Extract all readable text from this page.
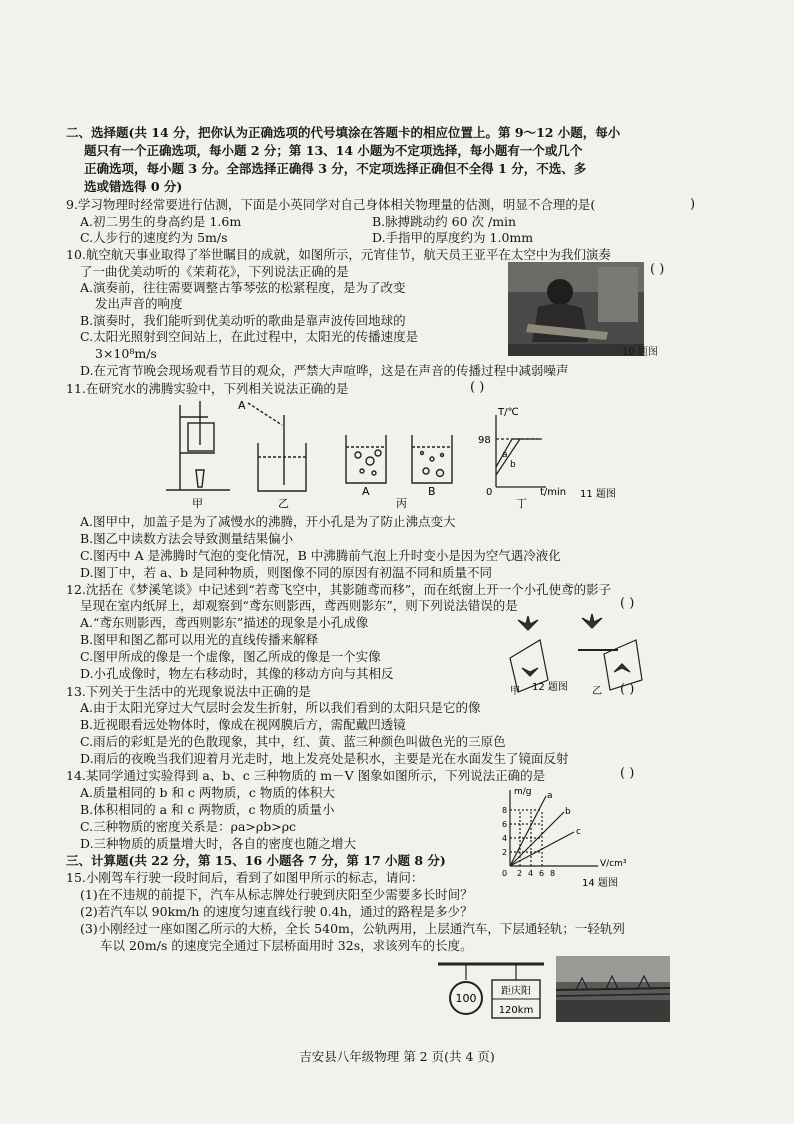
二、选择题(共 14 分，把你认为正确选项的代号填涂在答题卡的相应位置上。第 9～12 小题，每小
题只有一个正确选项，每小题 2 分；第 13、14 小题为不定项选择，每小题有一个或几个
正确选项，每小题 3 分。全部选择正确得 3 分，不定项选择正确但不全得 1 分，不选、多
选或错选得 0 分)
9.学习物理时经常要进行估测，下面是小英同学对自己身体相关物理量的估测，明显不合理的是(	)
A.初二男生的身高约是 1.6m	B.脉搏跳动约 60 次 /min
C.人步行的速度约为 5m/s	D.手指甲的厚度约为 1.0mm
10.航空航天事业取得了举世瞩目的成就，如图所示，元宵佳节，航天员王亚平在太空中为我们演奏
了一曲优美动听的《茉莉花》，下列说法正确的是	( )
A.演奏前，往往需要调整古筝琴弦的松紧程度，是为了改变
发出声音的响度
B.演奏时，我们能听到优美动听的歌曲是靠声波传回地球的
C.太阳光照射到空间站上，在此过程中，太阳光的传播速度是
3×10⁸m/s
D.在元宵节晚会现场观看节目的观众，严禁大声喧哗，这是在声音的传播过程中减弱噪声
10 题图
11.在研究水的沸腾实验中，下列相关说法正确的是	( )
甲
A
乙
A	B
丙
T/℃
98
0
a
b
t/min
丁
11 题图
A.图甲中，加盖子是为了减慢水的沸腾，开小孔是为了防止沸点变大
B.图乙中读数方法会导致测量结果偏小
C.图丙中 A 是沸腾时气泡的变化情况，B 中沸腾前气泡上升时变小是因为空气遇冷液化
D.图丁中，若 a、b 是同种物质，则图像不同的原因有初温不同和质量不同
12.沈括在《梦溪笔谈》中记述到“若鸢飞空中，其影随鸢而移”，而在纸窗上开一个小孔使鸢的影子
呈现在室内纸屏上，却观察到“鸢东则影西，鸢西则影东”，则下列说法错误的是	( )
A.“鸢东则影西，鸢西则影东”描述的现象是小孔成像
B.图甲和图乙都可以用光的直线传播来解释
C.图甲所成的像是一个虚像，图乙所成的像是一个实像
D.小孔成像时，物左右移动时，其像的移动方向与其相反
甲 12 题图 乙
13.下列关于生活中的光现象说法中正确的是	( )
A.由于太阳光穿过大气层时会发生折射，所以我们看到的太阳只是它的像
B.近视眼看远处物体时，像成在视网膜后方，需配戴凹透镜
C.雨后的彩虹是光的色散现象，其中，红、黄、蓝三种颜色叫做色光的三原色
D.雨后的夜晚当我们迎着月光走时，地上发亮处是积水，主要是光在水面发生了镜面反射
14.某同学通过实验得到 a、b、c 三种物质的 m－V 图象如图所示，下列说法正确的是	( )
A.质量相同的 b 和 c 两物质，c 物质的体积大
B.体积相同的 a 和 c 两物质，c 物质的质量小
C.三种物质的密度关系是：ρa>ρb>ρc
D.三种物质的质量增大时，各自的密度也随之增大
m/g
V/cm³
8
6
4
2
0 2 4 6 8
a
b
c
14 题图
三、计算题(共 22 分，第 15、16 小题各 7 分，第 17 小题 8 分)
15.小刚驾车行驶一段时间后，看到了如图甲所示的标志，请问：
(1)在不违规的前提下，汽车从标志牌处行驶到庆阳至少需要多长时间？
(2)若汽车以 90km/h 的速度匀速直线行驶 0.4h，通过的路程是多少？
(3)小刚经过一座如图乙所示的大桥，全长 540m，公轨两用，上层通汽车，下层通轻轨；一轻轨列
车以 20m/s 的速度完全通过下层桥面用时 32s，求该列车的长度。
100
距庆阳
120km
吉安县八年级物理 第 2 页(共 4 页)
